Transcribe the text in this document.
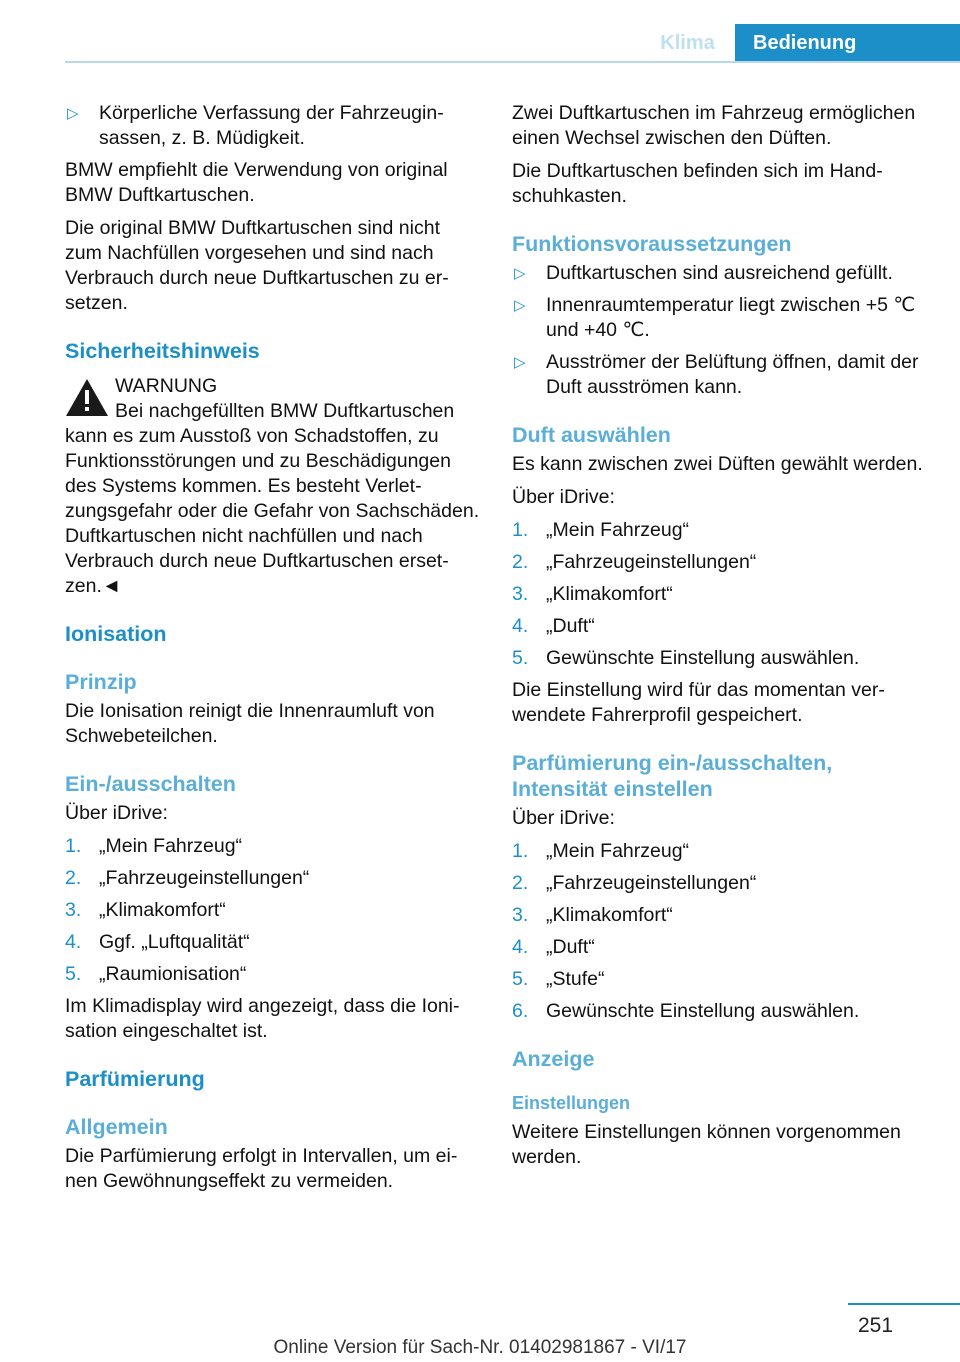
Klima	Bedienung
▷ Körperliche Verfassung der Fahrzeuginsassen, z. B. Müdigkeit.

BMW empfiehlt die Verwendung von original BMW Duftkartuschen.

Die original BMW Duftkartuschen sind nicht zum Nachfüllen vorgesehen und sind nach Verbrauch durch neue Duftkartuschen zu ersetzen.

Sicherheitshinweis
WARNUNG
Bei nachgefüllten BMW Duftkartuschen

kann es zum Ausstoß von Schadstoffen, zu Funktionsstörungen und zu Beschädigungen des Systems kommen. Es besteht Verletzungsgefahr oder die Gefahr von Sachschäden. Duftkartuschen nicht nachfüllen und nach Verbrauch durch neue Duftkartuschen ersetzen.◄

Ionisation
Prinzip

Die Ionisation reinigt die Innenraumluft von Schwebeteilchen.

Ein-/ausschalten

Über iDrive:

1. „Mein Fahrzeug“
2. „Fahrzeugeinstellungen“
3. „Klimakomfort“
4. Ggf. „Luftqualität“
5. „Raumionisation“

Im Klimadisplay wird angezeigt, dass die Ionisation eingeschaltet ist.

Parfümierung
Allgemein

Die Parfümierung erfolgt in Intervallen, um einen Gewöhnungseffekt zu vermeiden.

Zwei Duftkartuschen im Fahrzeug ermöglichen einen Wechsel zwischen den Düften.

Die Duftkartuschen befinden sich im Handschuhkasten.

Funktionsvoraussetzungen
▷ Duftkartuschen sind ausreichend gefüllt.
▷ Innenraumtemperatur liegt zwischen +5 ℃ und +40 ℃.
▷ Ausströmer der Belüftung öffnen, damit der Duft ausströmen kann.
Duft auswählen

Es kann zwischen zwei Düften gewählt werden.

Über iDrive:

1. „Mein Fahrzeug“
2. „Fahrzeugeinstellungen“
3. „Klimakomfort“
4. „Duft“
5. Gewünschte Einstellung auswählen.

Die Einstellung wird für das momentan verwendete Fahrerprofil gespeichert.

Parfümierung ein-/ausschalten, Intensität einstellen

Über iDrive:

1. „Mein Fahrzeug“
2. „Fahrzeugeinstellungen“
3. „Klimakomfort“
4. „Duft“
5. „Stufe“
6. Gewünschte Einstellung auswählen.
Anzeige
Einstellungen

Weitere Einstellungen können vorgenommen werden.

251
Online Version für Sach-Nr. 01402981867 - VI/17
